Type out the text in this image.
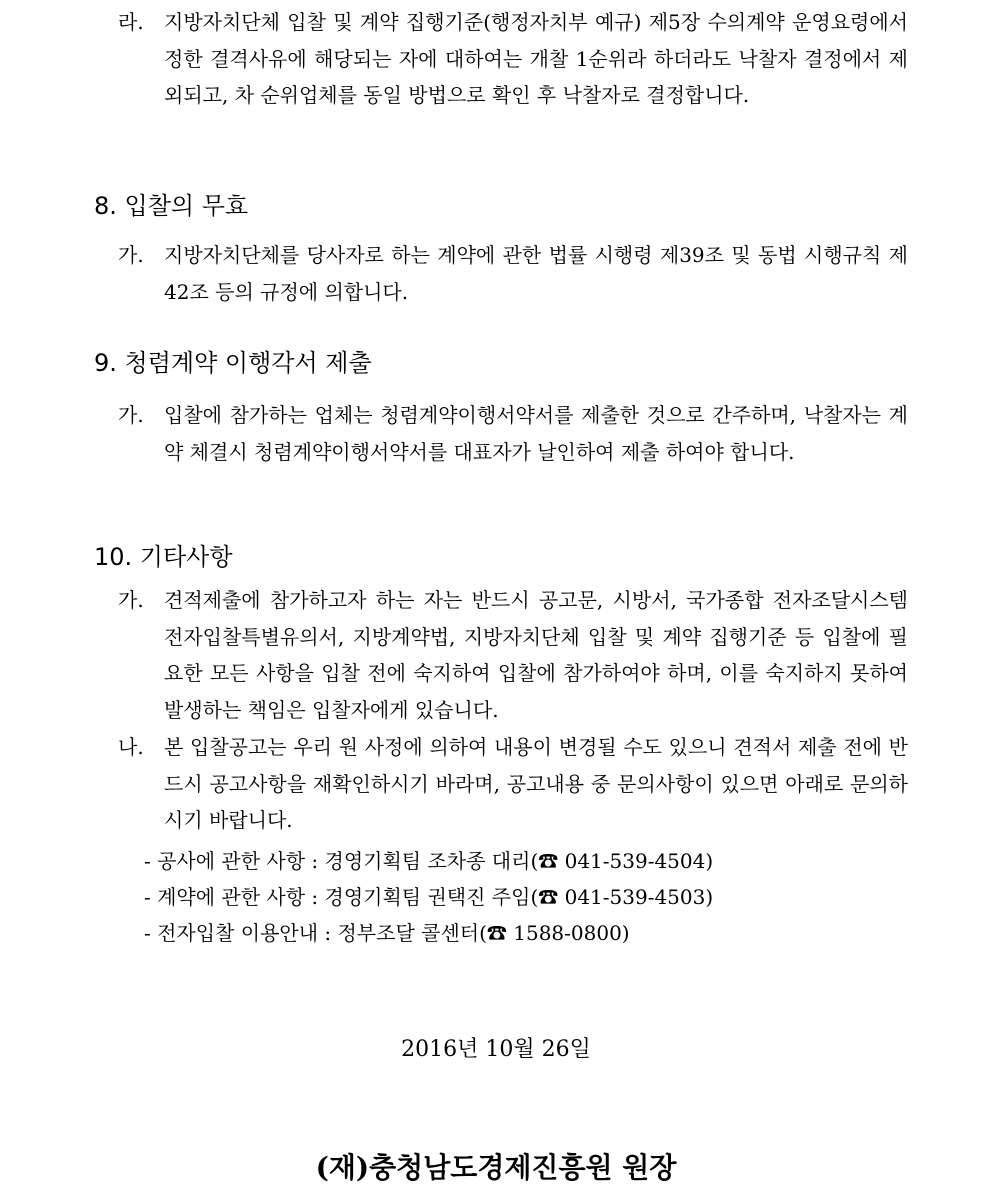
라. 지방자치단체 입찰 및 계약 집행기준(행정자치부 예규) 제5장 수의계약 운영요령에서 정한 결격사유에 해당되는 자에 대하여는 개찰 1순위라 하더라도 낙찰자 결정에서 제외되고, 차 순위업체를 동일 방법으로 확인 후 낙찰자로 결정합니다.
8. 입찰의 무효
가. 지방자치단체를 당사자로 하는 계약에 관한 법률 시행령 제39조 및 동법 시행규칙 제42조 등의 규정에 의합니다.
9. 청렴계약 이행각서 제출
가. 입찰에 참가하는 업체는 청렴계약이행서약서를 제출한 것으로 간주하며, 낙찰자는 계약 체결시 청렴계약이행서약서를 대표자가 날인하여 제출 하여야 합니다.
10. 기타사항
가. 견적제출에 참가하고자 하는 자는 반드시 공고문, 시방서, 국가종합 전자조달시스템 전자입찰특별유의서, 지방계약법, 지방자치단체 입찰 및 계약 집행기준 등 입찰에 필요한 모든 사항을 입찰 전에 숙지하여 입찰에 참가하여야 하며, 이를 숙지하지 못하여 발생하는 책임은 입찰자에게 있습니다.
나. 본 입찰공고는 우리 원 사정에 의하여 내용이 변경될 수도 있으니 견적서 제출 전에 반드시 공고사항을 재확인하시기 바라며, 공고내용 중 문의사항이 있으면 아래로 문의하시기 바랍니다.
- 공사에 관한 사항 : 경영기획팀 조차종 대리(☎ 041-539-4504)
- 계약에 관한 사항 : 경영기획팀 권택진 주임(☎ 041-539-4503)
- 전자입찰 이용안내 : 정부조달 콜센터(☎ 1588-0800)
2016년 10월 26일
(재)충청남도경제진흥원 원장
